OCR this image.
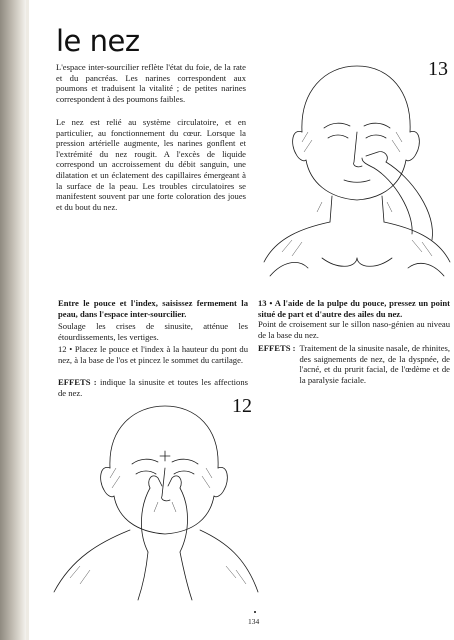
le nez

L'espace inter-sourcilier reflète l'état du foie, de la rate et du pancréas. Les narines correspondent aux poumons et traduisent la vitalité ; de petites narines correspondent à des poumons faibles.

Le nez est relié au système circulatoire, et en particulier, au fonctionnement du cœur. Lorsque la pression artérielle augmente, les narines gonflent et l'extrémité du nez rougit. A l'excès de liquide correspond un accroissement du débit sanguin, une dilatation et un éclatement des capillaires émergeant à la surface de la peau. Les troubles circulatoires se manifestent souvent par une forte coloration des joues et du bout du nez.

13

Entre le pouce et l'index, saisissez fermement la peau, dans l'espace inter-sourcilier.

Soulage les crises de sinusite, atténue les étourdissements, les vertiges.

12 • Placez le pouce et l'index à la hauteur du pont du nez, à la base de l'os et pincez le sommet du cartilage.

EFFETS : indique la sinusite et toutes les affections de nez.

13 • A l'aide de la pulpe du pouce, pressez un point situé de part et d'autre des ailes du nez.

Point de croisement sur le sillon naso-génien au niveau de la base du nez.

EFFETS : Traitement de la sinusite nasale, de rhinites, des saignements de nez, de la dyspnée, de l'acné, et du prurit facial, de l'œdème et de la paralysie faciale.
12
134
